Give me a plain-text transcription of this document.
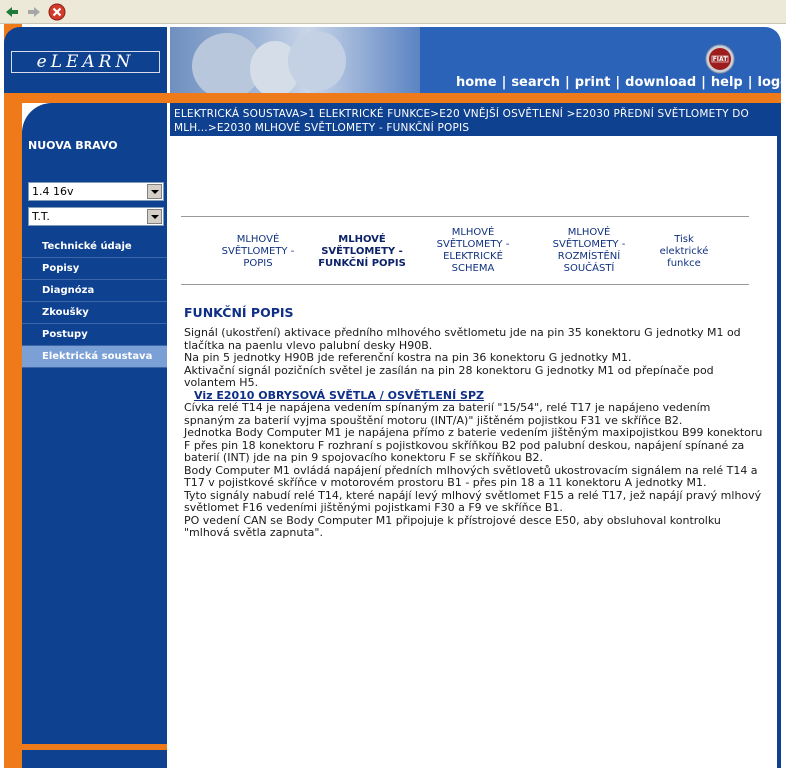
eLEARN	FIAT
home | search | print | download | help | logout
ELEKTRICKÁ SOUSTAVA>1 ELEKTRICKÉ FUNKCE>E20 VNĚJŠÍ OSVĚTLENÍ >E2030 PŘEDNÍ SVĚTLOMETY DO MLH...>E2030 MLHOVÉ SVĚTLOMETY - FUNKČNÍ POPIS
NUOVA BRAVO
1.4 16v
T.T.
Technické údaje
Popisy
Diagnóza
Zkoušky
Postupy
Elektrická soustava
MLHOVÉ SVĚTLOMETY - POPIS
MLHOVÉ SVĚTLOMETY - FUNKČNÍ POPIS
MLHOVÉ SVĚTLOMETY - ELEKTRICKÉ SCHEMA
MLHOVÉ SVĚTLOMETY - ROZMÍSTĚNÍ SOUČÁSTÍ
Tisk elektrické funkce
FUNKČNÍ POPIS

Signál (ukostření) aktivace předního mlhového světlometu jde na pin 35 konektoru G jednotky M1 od tlačítka na paenlu vlevo palubní desky H90B.

Na pin 5 jednotky H90B jde referenční kostra na pin 36 konektoru G jednotky M1.

Aktivační signál pozičních světel je zasílán na pin 28 konektoru G jednotky M1 od přepínače pod volantem H5.

Viz E2010 OBRYSOVÁ SVĚTLA / OSVĚTLENÍ SPZ

Cívka relé T14 je napájena vedením spínaným za baterií "15/54", relé T17 je napájeno vedením spnaným za baterií vyjma spouštění motoru (INT/A)" jištěném pojistkou F31 ve skříňce B2.

Jednotka Body Computer M1 je napájena přímo z baterie vedením jištěným maxipojistkou B99 konektoru F přes pin 18 konektoru F rozhraní s pojistkovou skříňkou B2 pod palubní deskou, napájení spínané za baterií (INT) jde na pin 9 spojovacího konektoru F se skříňkou B2.

Body Computer M1 ovládá napájení předních mlhových světlovetů ukostrovacím signálem na relé T14 a T17 v pojistkové skříňce v motorovém prostoru B1 - přes pin 18 a 11 konektoru A jednotky M1.

Tyto signály nabudí relé T14, které napájí levý mlhový světlomet F15 a relé T17, jež napájí pravý mlhový světlomet F16 vedeními jištěnými pojistkami F30 a F9 ve skříňce B1.

PO vedení CAN se Body Computer M1 připojuje k přístrojové desce E50, aby obsluhoval kontrolku "mlhová světla zapnuta".
